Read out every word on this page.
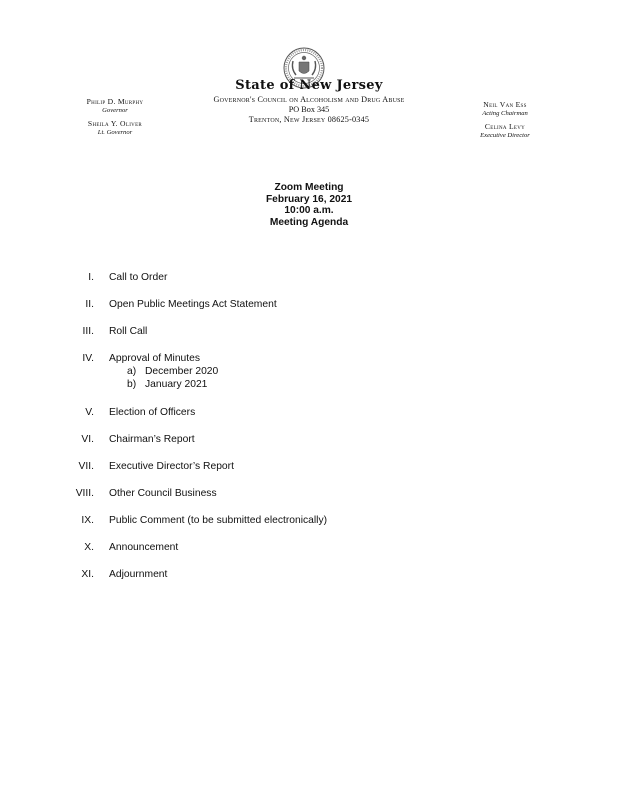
State of New Jersey
Governor's Council on Alcoholism and Drug Abuse
PO Box 345
Trenton, New Jersey 08625-0345
Philip D. Murphy
Governor
Sheila Y. Oliver
Lt. Governor
Neil Van Ess
Acting Chairman
Celina Levy
Executive Director
Zoom Meeting
February 16, 2021
10:00 a.m.
Meeting Agenda
I. Call to Order
II. Open Public Meetings Act Statement
III. Roll Call
IV. Approval of Minutes
a) December 2020
b) January 2021
V. Election of Officers
VI. Chairman’s Report
VII. Executive Director’s Report
VIII. Other Council Business
IX. Public Comment (to be submitted electronically)
X. Announcement
XI. Adjournment
